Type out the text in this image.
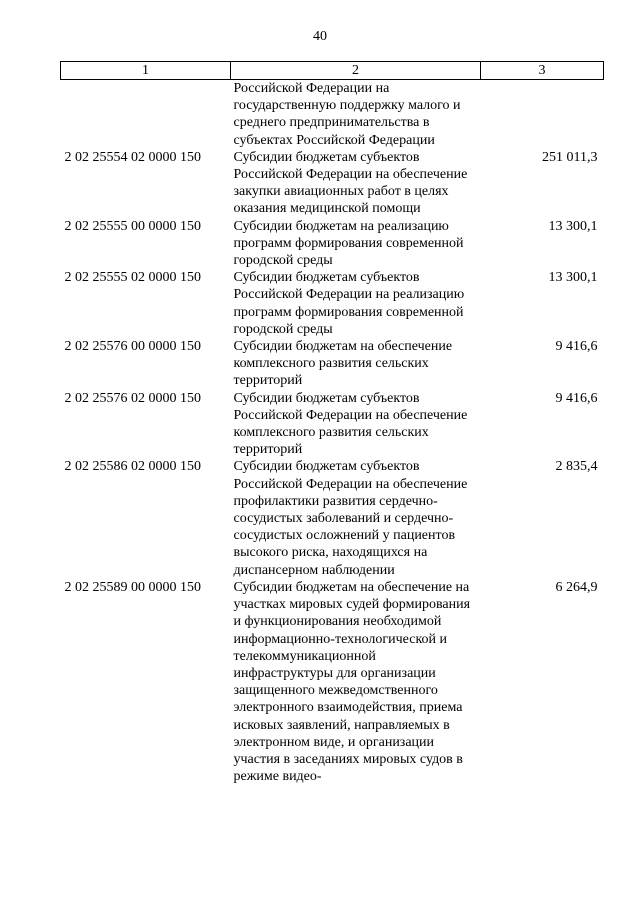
40
1	2	3
	Российской Федерации на государственную поддержку малого и среднего предпринимательства в субъектах Российской Федерации	
2 02 25554 02 0000 150	Субсидии бюджетам субъектов Российской Федерации на обеспечение закупки авиационных работ в целях оказания медицинской помощи	251 011,3
2 02 25555 00 0000 150	Субсидии бюджетам на реализацию программ формирования современной городской среды	13 300,1
2 02 25555 02 0000 150	Субсидии бюджетам субъектов Российской Федерации на реализацию программ формирования современной городской среды	13 300,1
2 02 25576 00 0000 150	Субсидии бюджетам на обеспечение комплексного развития сельских территорий	9 416,6
2 02 25576 02 0000 150	Субсидии бюджетам субъектов Российской Федерации на обеспечение комплексного развития сельских территорий	9 416,6
2 02 25586 02 0000 150	Субсидии бюджетам субъектов Российской Федерации на обеспечение профилактики развития сердечно-сосудистых заболеваний и сердечно-сосудистых осложнений у пациентов высокого риска, находящихся на диспансерном наблюдении	2 835,4
2 02 25589 00 0000 150	Субсидии бюджетам на обеспечение на участках мировых судей формирования и функционирования необходимой информационно-технологической и телекоммуникационной инфраструктуры для организации защищенного межведомственного электронного взаимодействия, приема исковых заявлений, направляемых в электронном виде, и организации участия в заседаниях мировых судов в режиме видео-	6 264,9
